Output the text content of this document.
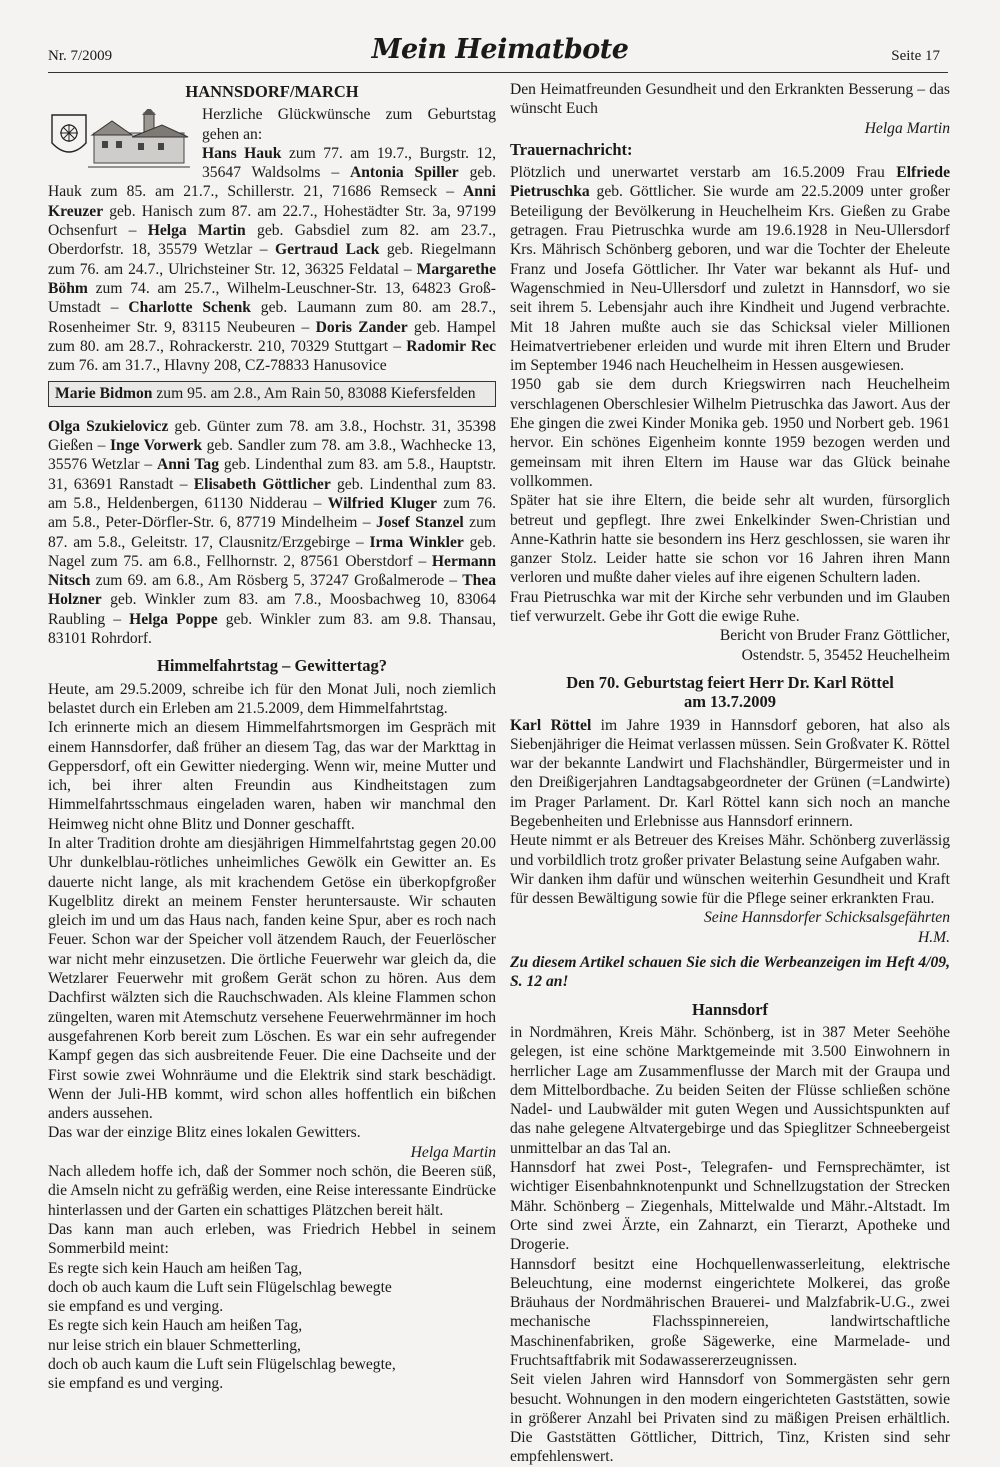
Nr. 7/2009	Mein Heimatbote	Seite 17
HANNSDORF/MARCH

Herzliche Glückwünsche zum Geburtstag gehen an:

Hans Hauk zum 77. am 19.7., Burgstr. 12, 35647 Waldsolms – Antonia Spiller geb. Hauk zum 85. am 21.7., Schillerstr. 21, 71686 Remseck – Anni Kreuzer geb. Hanisch zum 87. am 22.7., Hohestädter Str. 3a, 97199 Ochsenfurt – Helga Martin geb. Gabsdiel zum 82. am 23.7., Oberdorfstr. 18, 35579 Wetzlar – Gertraud Lack geb. Riegelmann zum 76. am 24.7., Ulrichsteiner Str. 12, 36325 Feldatal – Margarethe Böhm zum 74. am 25.7., Wilhelm-Leuschner-Str. 13, 64823 Groß-Umstadt – Charlotte Schenk geb. Laumann zum 80. am 28.7., Rosenheimer Str. 9, 83115 Neubeuren – Doris Zander geb. Hampel zum 80. am 28.7., Rohrackerstr. 210, 70329 Stuttgart – Radomir Rec zum 76. am 31.7., Hlavny 208, CZ-78833 Hanusovice

Marie Bidmon zum 95. am 2.8., Am Rain 50, 83088 Kiefersfelden

Olga Szukielovicz geb. Günter zum 78. am 3.8., Hochstr. 31, 35398 Gießen – Inge Vorwerk geb. Sandler zum 78. am 3.8., Wachhecke 13, 35576 Wetzlar – Anni Tag geb. Lindenthal zum 83. am 5.8., Hauptstr. 31, 63691 Ranstadt – Elisabeth Göttlicher geb. Lindenthal zum 83. am 5.8., Heldenbergen, 61130 Nidderau – Wilfried Kluger zum 76. am 5.8., Peter-Dörfler-Str. 6, 87719 Mindelheim – Josef Stanzel zum 87. am 5.8., Geleitstr. 17, Clausnitz/Erzgebirge – Irma Winkler geb. Nagel zum 75. am 6.8., Fellhornstr. 2, 87561 Oberstdorf – Hermann Nitsch zum 69. am 6.8., Am Rösberg 5, 37247 Großalmerode – Thea Holzner geb. Winkler zum 83. am 7.8., Moosbachweg 10, 83064 Raubling – Helga Poppe geb. Winkler zum 83. am 9.8. Thansau, 83101 Rohrdorf.

Himmelfahrtstag – Gewittertag?

Heute, am 29.5.2009, schreibe ich für den Monat Juli, noch ziemlich belastet durch ein Erleben am 21.5.2009, dem Himmelfahrtstag.

Ich erinnerte mich an diesem Himmelfahrtsmorgen im Gespräch mit einem Hannsdorfer, daß früher an diesem Tag, das war der Markttag in Geppersdorf, oft ein Gewitter niederging. Wenn wir, meine Mutter und ich, bei ihrer alten Freundin aus Kindheitstagen zum Himmelfahrtsschmaus eingeladen waren, haben wir manchmal den Heimweg nicht ohne Blitz und Donner geschafft.

In alter Tradition drohte am diesjährigen Himmelfahrtstag gegen 20.00 Uhr dunkelblau-rötliches unheimliches Gewölk ein Gewitter an. Es dauerte nicht lange, als mit krachendem Getöse ein überkopfgroßer Kugelblitz direkt an meinem Fenster heruntersauste. Wir schauten gleich im und um das Haus nach, fanden keine Spur, aber es roch nach Feuer. Schon war der Speicher voll ätzendem Rauch, der Feuerlöscher war nicht mehr einzusetzen. Die örtliche Feuerwehr war gleich da, die Wetzlarer Feuerwehr mit großem Gerät schon zu hören. Aus dem Dachfirst wälzten sich die Rauchschwaden. Als kleine Flammen schon züngelten, waren mit Atemschutz versehene Feuerwehrmänner im hoch ausgefahrenen Korb bereit zum Löschen. Es war ein sehr aufregender Kampf gegen das sich ausbreitende Feuer. Die eine Dachseite und der First sowie zwei Wohnräume und die Elektrik sind stark beschädigt. Wenn der Juli-HB kommt, wird schon alles hoffentlich ein bißchen anders aussehen.

Das war der einzige Blitz eines lokalen Gewitters.

Helga Martin

Nach alledem hoffe ich, daß der Sommer noch schön, die Beeren süß, die Amseln nicht zu gefräßig werden, eine Reise interessante Eindrücke hinterlassen und der Garten ein schattiges Plätzchen bereit hält.

Das kann man auch erleben, was Friedrich Hebbel in seinem Sommerbild meint:

Es regte sich kein Hauch am heißen Tag,

doch ob auch kaum die Luft sein Flügelschlag bewegte

sie empfand es und verging.

Es regte sich kein Hauch am heißen Tag,

nur leise strich ein blauer Schmetterling,

doch ob auch kaum die Luft sein Flügelschlag bewegte,

sie empfand es und verging.

Den Heimatfreunden Gesundheit und den Erkrankten Besserung – das wünscht Euch

Helga Martin

Trauernachricht:

Plötzlich und unerwartet verstarb am 16.5.2009 Frau Elfriede Pietruschka geb. Göttlicher. Sie wurde am 22.5.2009 unter großer Beteiligung der Bevölkerung in Heuchelheim Krs. Gießen zu Grabe getragen. Frau Pietruschka wurde am 19.6.1928 in Neu-Ullersdorf Krs. Mährisch Schönberg geboren, und war die Tochter der Eheleute Franz und Josefa Göttlicher. Ihr Vater war bekannt als Huf- und Wagenschmied in Neu-Ullersdorf und zuletzt in Hannsdorf, wo sie seit ihrem 5. Lebensjahr auch ihre Kindheit und Jugend verbrachte. Mit 18 Jahren mußte auch sie das Schicksal vieler Millionen Heimatvertriebener erleiden und wurde mit ihren Eltern und Bruder im September 1946 nach Heuchelheim in Hessen ausgewiesen.

1950 gab sie dem durch Kriegswirren nach Heuchelheim verschlagenen Oberschlesier Wilhelm Pietruschka das Jawort. Aus der Ehe gingen die zwei Kinder Monika geb. 1950 und Norbert geb. 1961 hervor. Ein schönes Eigenheim konnte 1959 bezogen werden und gemeinsam mit ihren Eltern im Hause war das Glück beinahe vollkommen.

Später hat sie ihre Eltern, die beide sehr alt wurden, fürsorglich betreut und gepflegt. Ihre zwei Enkelkinder Swen-Christian und Anne-Kathrin hatte sie besondern ins Herz geschlossen, sie waren ihr ganzer Stolz. Leider hatte sie schon vor 16 Jahren ihren Mann verloren und mußte daher vieles auf ihre eigenen Schultern laden.

Frau Pietruschka war mit der Kirche sehr verbunden und im Glauben tief verwurzelt. Gebe ihr Gott die ewige Ruhe.

Bericht von Bruder Franz Göttlicher,

Ostendstr. 5, 35452 Heuchelheim

Den 70. Geburtstag feiert Herr Dr. Karl Röttel
am 13.7.2009

Karl Röttel im Jahre 1939 in Hannsdorf geboren, hat also als Siebenjähriger die Heimat verlassen müssen. Sein Großvater K. Röttel war der bekannte Landwirt und Flachshändler, Bürgermeister und in den Dreißigerjahren Landtagsabgeordneter der Grünen (=Landwirte) im Prager Parlament. Dr. Karl Röttel kann sich noch an manche Begebenheiten und Erlebnisse aus Hannsdorf erinnern.

Heute nimmt er als Betreuer des Kreises Mähr. Schönberg zuverlässig und vorbildlich trotz großer privater Belastung seine Aufgaben wahr.

Wir danken ihm dafür und wünschen weiterhin Gesundheit und Kraft für dessen Bewältigung sowie für die Pflege seiner erkrankten Frau.

Seine Hannsdorfer Schicksalsgefährten

H.M.

Zu diesem Artikel schauen Sie sich die Werbeanzeigen im Heft 4/09, S. 12 an!

Hannsdorf

in Nordmähren, Kreis Mähr. Schönberg, ist in 387 Meter Seehöhe gelegen, ist eine schöne Marktgemeinde mit 3.500 Einwohnern in herrlicher Lage am Zusammenflusse der March mit der Graupa und dem Mittelbordbache. Zu beiden Seiten der Flüsse schließen schöne Nadel- und Laubwälder mit guten Wegen und Aussichtspunkten auf das nahe gelegene Altvatergebirge und das Spieglitzer Schneebergeist unmittelbar an das Tal an.

Hannsdorf hat zwei Post-, Telegrafen- und Fernsprechämter, ist wichtiger Eisenbahnknotenpunkt und Schnellzugstation der Strecken Mähr. Schönberg – Ziegenhals, Mittelwalde und Mähr.-Altstadt. Im Orte sind zwei Ärzte, ein Zahnarzt, ein Tierarzt, Apotheke und Drogerie.

Hannsdorf besitzt eine Hochquellenwasserleitung, elektrische Beleuchtung, eine modernst eingerichtete Molkerei, das große Bräuhaus der Nordmährischen Brauerei- und Malzfabrik-U.G., zwei mechanische Flachsspinnereien, landwirtschaftliche Maschinenfabriken, große Sägewerke, eine Marmelade- und Fruchtsaftfabrik mit Sodawassererzeugnissen.

Seit vielen Jahren wird Hannsdorf von Sommergästen sehr gern besucht. Wohnungen in den modern eingerichteten Gaststätten, sowie in größerer Anzahl bei Privaten sind zu mäßigen Preisen erhältlich. Die Gaststätten Göttlicher, Dittrich, Tinz, Kristen sind sehr empfehlenswert.
